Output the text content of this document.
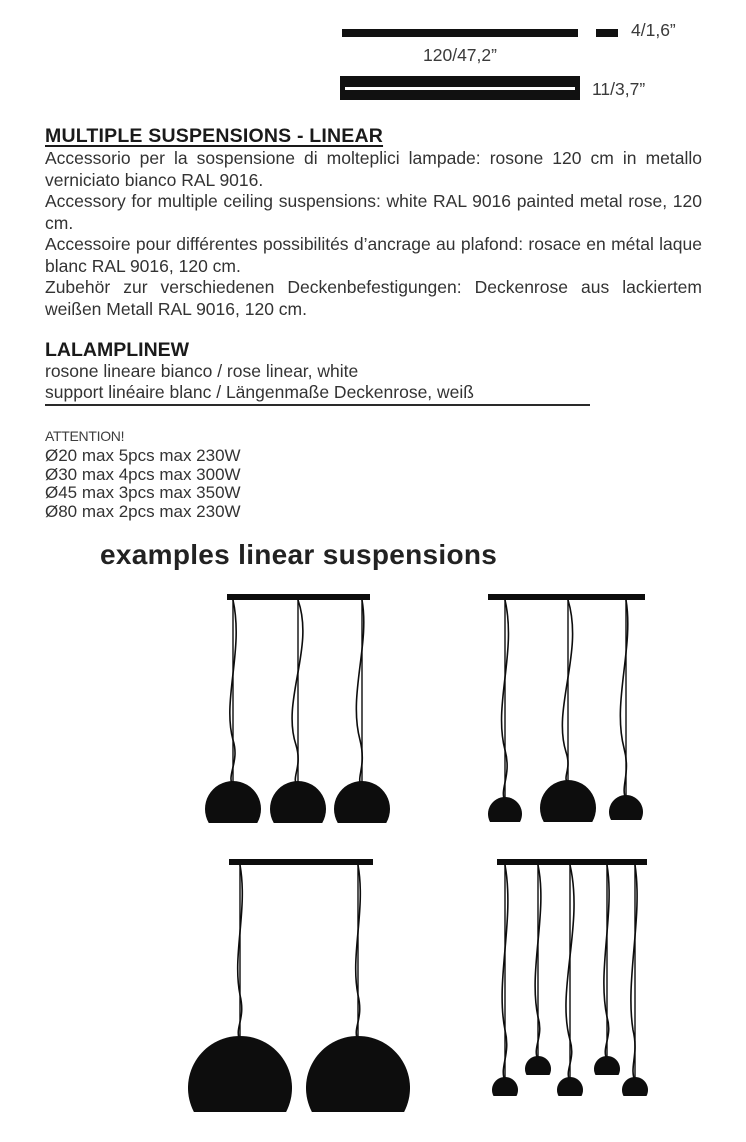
4/1,6”
120/47,2”
11/3,7”
MULTIPLE SUSPENSIONS - LINEAR

Accessorio per la sospensione di molteplici lampade: rosone 120 cm in metallo verniciato bianco RAL 9016.

Accessory for multiple ceiling suspensions: white RAL 9016 painted metal rose, 120 cm.

Accessoire pour différentes possibilités d’ancrage au plafond: rosace en métal laque blanc RAL 9016, 120 cm.

Zubehör zur verschiedenen Deckenbefestigungen: Deckenrose aus lackiertem weißen Metall RAL 9016, 120 cm.

LALAMPLINEW
rosone lineare bianco / rose linear, white
support linéaire blanc / Längenmaße Deckenrose, weiß
ATTENTION!
Ø20 max 5pcs max 230W
Ø30 max 4pcs max 300W
Ø45 max 3pcs max 350W
Ø80 max 2pcs max 230W
examples linear suspensions
